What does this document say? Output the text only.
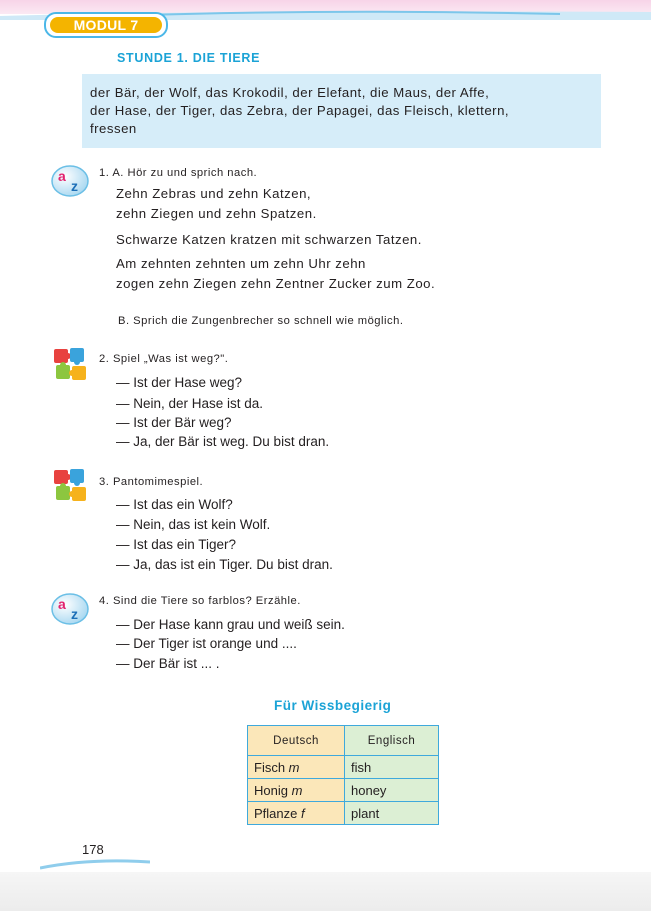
MODUL 7
STUNDE 1. DIE TIERE
der Bär, der Wolf, das Krokodil, der Elefant, die Maus, der Affe,
der Hase, der Tiger, das Zebra, der Papagei, das Fleisch, klettern,
fressen
a
z
1. A. Hör zu und sprich nach.
Zehn Zebras und zehn Katzen,
zehn Ziegen und zehn Spatzen.
Schwarze Katzen kratzen mit schwarzen Tatzen.
Am zehnten zehnten um zehn Uhr zehn
zogen zehn Ziegen zehn Zentner Zucker zum Zoo.
B. Sprich die Zungenbrecher so schnell wie möglich.
2. Spiel „Was ist weg?".
— Ist der Hase weg?
— Nein, der Hase ist da.
— Ist der Bär weg?
— Ja, der Bär ist weg. Du bist dran.
3. Pantomimespiel.
— Ist das ein Wolf?
— Nein, das ist kein Wolf.
— Ist das ein Tiger?
— Ja, das ist ein Tiger. Du bist dran.
a
z
4. Sind die Tiere so farblos? Erzähle.
— Der Hase kann grau und weiß sein.
— Der Tiger ist orange und ....
— Der Bär ist ... .
Für Wissbegierig
Deutsch	Englisch
Fisch m	fish
Honig m	honey
Pflanze f	plant
178
